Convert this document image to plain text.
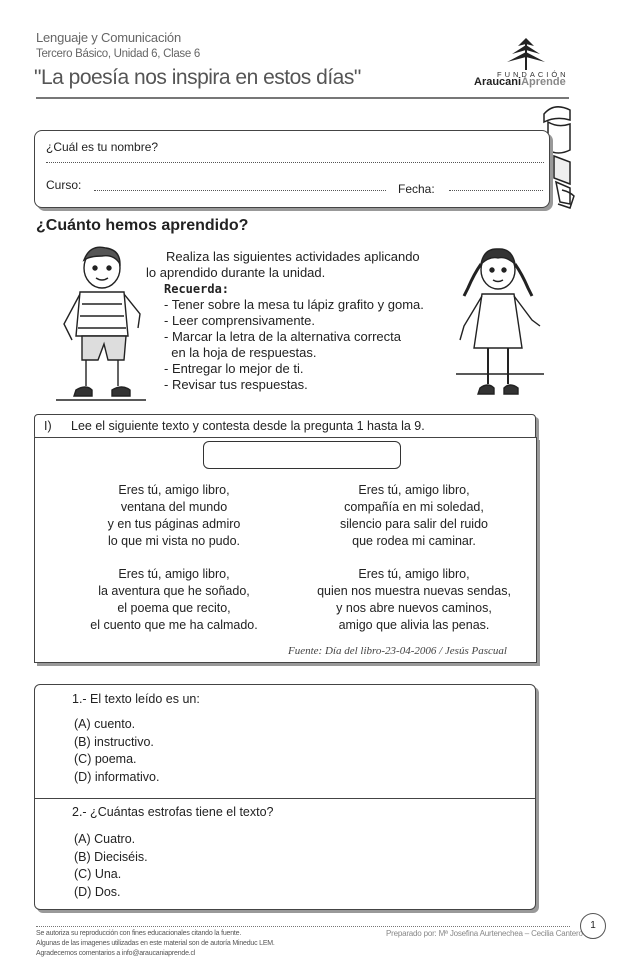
Lenguaje y Comunicación
Tercero Básico, Unidad 6, Clase 6
"La poesía nos inspira en estos días"	FUNDACIÓN
AraucaniAprende
¿Cuál es tu nombre?
Curso:	Fecha:
¿Cuánto hemos aprendido?
Realiza las siguientes actividades aplicando
lo aprendido durante la unidad.
Recuerda:
- Tener sobre la mesa tu lápiz grafito y goma.
- Leer comprensivamente.
- Marcar la letra de la alternativa correcta
en la hoja de respuestas.
- Entregar lo mejor de ti.
- Revisar tus respuestas.
I) Lee el siguiente texto y contesta desde la pregunta 1 hasta la 9.
Eres tú, amigo libro,
ventana del mundo
y en tus páginas admiro
lo que mi vista no pudo.
Eres tú, amigo libro,
la aventura que he soñado,
el poema que recito,
el cuento que me ha calmado.
Eres tú, amigo libro,
compañía en mi soledad,
silencio para salir del ruido
que rodea mi caminar.
Eres tú, amigo libro,
quien nos muestra nuevas sendas,
y nos abre nuevos caminos,
amigo que alivia las penas.
Fuente: Día del libro-23-04-2006 / Jesús Pascual
1.- El texto leído es un:
(A) cuento.
(B) instructivo.
(C) poema.
(D) informativo.
2.- ¿Cuántas estrofas tiene el texto?
(A) Cuatro.
(B) Dieciséis.
(C) Una.
(D) Dos.
Se autoriza su reproducción con fines educacionales citando la fuente.
Algunas de las imagenes utilizadas en este material son de autoría Mineduc LEM.
Agradecemos comentarios a info@araucaniaprende.cl
Preparado por: Mª Josefina Aurtenechea – Cecilia Cantero
1
